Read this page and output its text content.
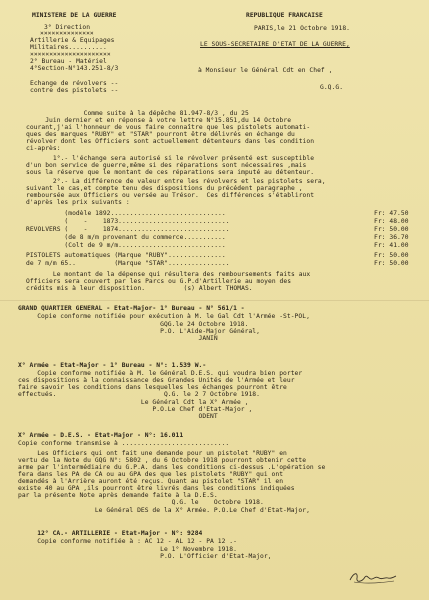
MINISTERE DE LA GUERRE
3° Direction
××××××××××××××
Artillerie & Equipages
Militaires..........
×××××××××××××××××××××
2° Bureau - Matériel
4°Section-N°143.251-8/3
Echange de révolvers --
contre des pistolets --
REPUBLIQUE FRANCAISE
PARIS,le 21 Octobre 1918.
LE SOUS-SECRETAIRE D'ETAT DE LA GUERRE,
à Monsieur le Général Cdt en Chef ,
G.Q.G.
Comme suite à la dépêche 81.947-8/3 , du 25
Juin dernier et en réponse à votre lettre N°15.851,du 14 Octobre
courant,j'ai l'honneur de vous faire connaître que les pistolets automati-
ques des marques "RUBY" et "STAR" pourront être délivrés en échange du
révolver dont les Officiers sont actuellement détenteurs dans les condition
ci-après:
1°.- l'échange sera autorisé si le révolver présenté est susceptible
d'un bon service de guerre,même si des réparations sont nécessaires ,mais
sous la réserve que le montant de ces réparations sera imputé au détenteur.
2°.- La différence de valeur entre les révolvers et les pistolets sera,
suivant le cas,et compte tenu des dispositions du précédent paragraphe ,
remboursée aux Officiers ou versée au Trésor.  Ces différences s'établiront
d'après les prix suivants :
(modèle 1892..............................	Fr: 47.50
(    -    1873.............................	Fr: 48.00
REVOLVERS (    -    1874.............................	Fr: 50.00
(de 8 m/m provenant du commerce...........	Fr: 36.70
(Colt de 9 m/m............................	Fr: 41.00
PISTOLETS automatiques (Marque "RUBY"...............	Fr: 50.00
de 7 m/m 65..          (Marque "STAR"................	Fr: 50.00
Le montant de la dépense qui résultera des remboursements faits aux
Officiers sera couvert par les Parcs ou G.P.d'Artillerie au moyen des
crédits mis à leur disposition.          (s) Albert THOMAS.
GRAND QUARTIER GENERAL - Etat-Major- 1° Bureau - N° 561/1 -
Copie conforme notifiée pour exécution à M. le Gal Cdt l'Armée -St-POL,
GQG.le 24 Octobre 1918.
P.O. L'Aide-Major Général,
JANIN
X° Armée - Etat-Major - 1° Bureau - N°: 1.539 W.-
Copie conforme notifiée à M. le Général D.E.S. qui voudra bien porter
ces dispositions à la connaissance des Grandes Unités de l'Armée et leur
faire savoir les conditions dans lesquelles les échanges pourront être
effectués.                            Q.G. le 2 7 Octobre 1918.
Le Général Cdt la X° Armée ,
P.O.Le Chef d'Etat-Major ,
ODENT
X° Armée - D.E.S. - Etat-Major - N°: 16.011
Copie conforme transmise à ............................
Les Officiers qui ont fait une demande pour un pistolet "RUBY" en
vertu de la Note du GQG N°: 5802 , du 6 Octobre 1918 pourront obtenir cette
arme par l'intermédiaire du G.P.A. dans les conditions ci-dessus .L'opération se
fera dans les PA de CA ou au GPA des que les pistolets "RUBY" qui ont
demandés à l'Arrière auront été reçus. Quant au pistolet "STAR" il en
existe 40 au GPA ,ils pourront être livrés dans les conditions indiquées
par la présente Note après demande faite à la D.E.S.
Q.G. le    Octobre 1918.
Le Général DES de la X° Armée. P.O.Le Chef d'Etat-Major,
12° CA.- ARTILLERIE - Etat-Major - N°: 9284
Copie conforme notifiée à : AC 12 - AL 12 - PA 12 .-
Le 1° Novembre 1918.
P.O. L'Officier d'Etat-Major,
